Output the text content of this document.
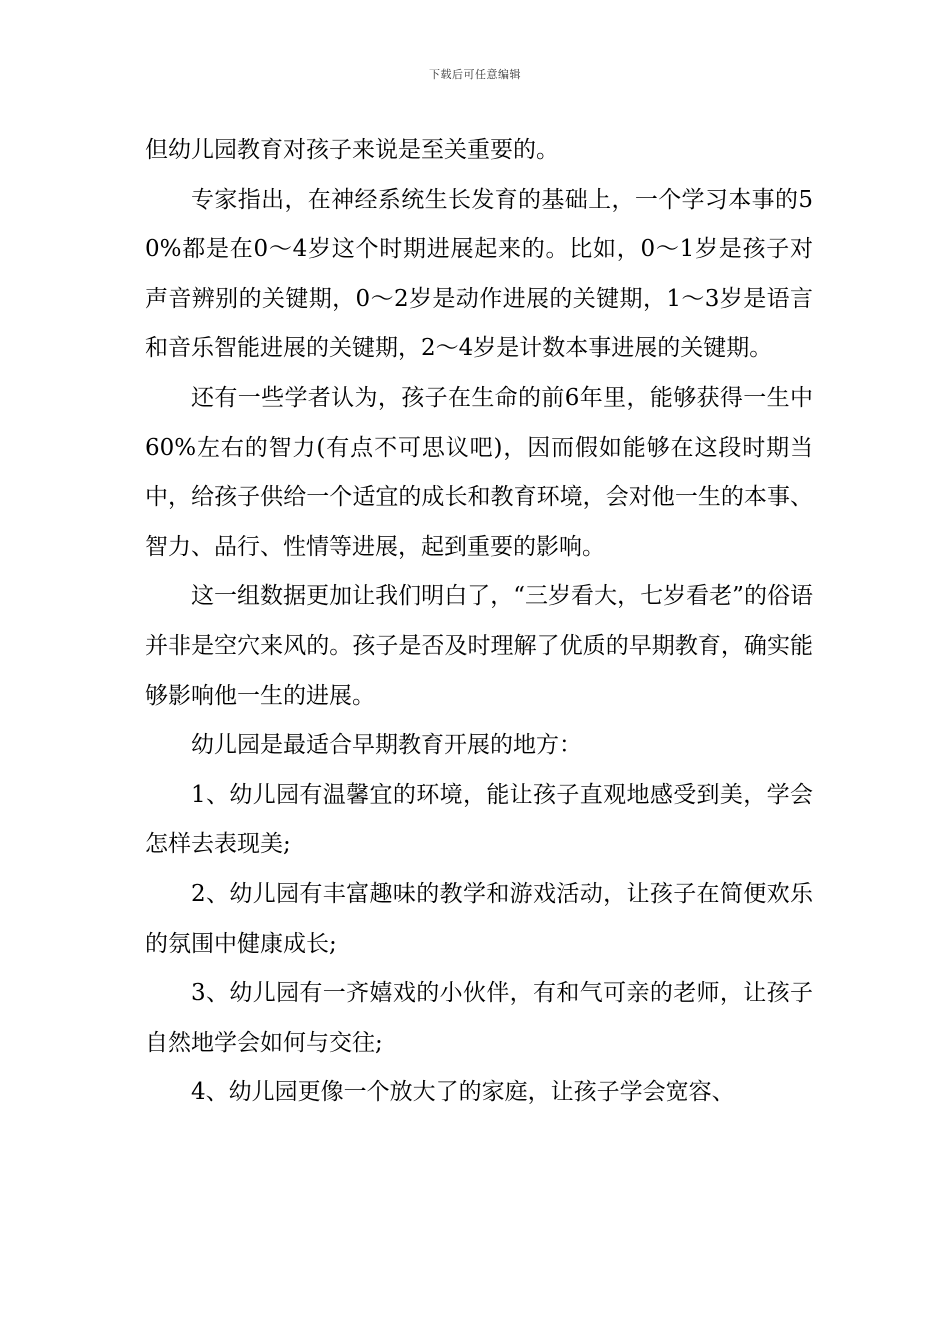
下载后可任意编辑

但幼儿园教育对孩子来说是至关重要的。

专家指出，在神经系统生长发育的基础上，一个学习本事的50%都是在0～4岁这个时期进展起来的。比如，0～1岁是孩子对声音辨别的关键期，0～2岁是动作进展的关键期，1～3岁是语言和音乐智能进展的关键期，2～4岁是计数本事进展的关键期。

还有一些学者认为，孩子在生命的前6年里，能够获得一生中60%左右的智力(有点不可思议吧)，因而假如能够在这段时期当中，给孩子供给一个适宜的成长和教育环境，会对他一生的本事、智力、品行、性情等进展，起到重要的影响。

这一组数据更加让我们明白了，“三岁看大，七岁看老”的俗语并非是空穴来风的。孩子是否及时理解了优质的早期教育，确实能够影响他一生的进展。

幼儿园是最适合早期教育开展的地方：

1、幼儿园有温馨宜的环境，能让孩子直观地感受到美，学会怎样去表现美;

2、幼儿园有丰富趣味的教学和游戏活动，让孩子在简便欢乐的氛围中健康成长;

3、幼儿园有一齐嬉戏的小伙伴，有和气可亲的老师，让孩子自然地学会如何与交往;

4、幼儿园更像一个放大了的家庭，让孩子学会宽容、
